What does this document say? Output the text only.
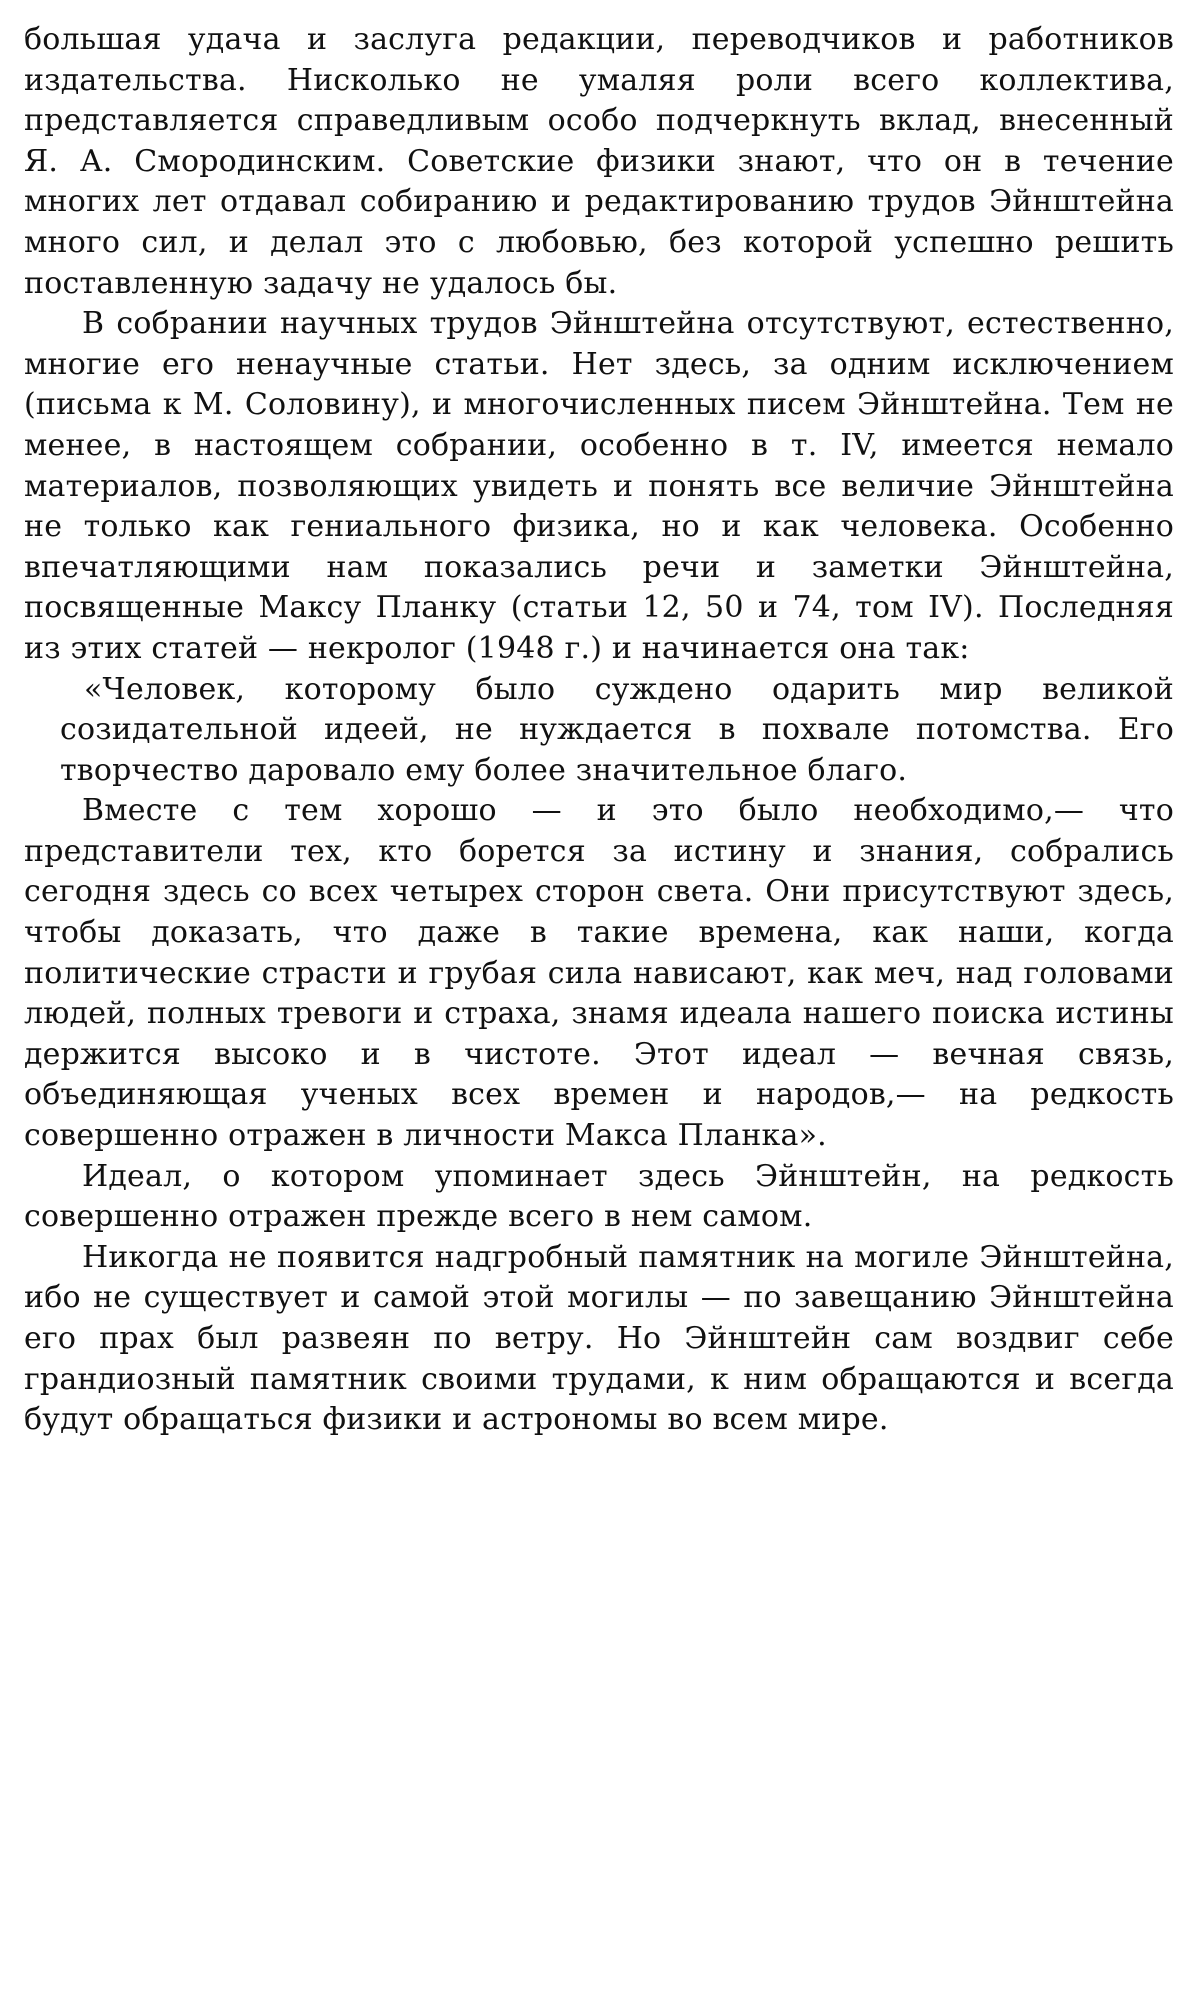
большая удача и заслуга редакции, переводчиков и работников издательства. Нисколько не умаляя роли всего коллектива, представляется справедливым особо подчеркнуть вклад, внесенный Я. А. Смородинским. Советские физики знают, что он в течение многих лет отдавал собиранию и редактированию трудов Эйнштейна много сил, и делал это с любовью, без которой успешно решить поставленную задачу не удалось бы.

В собрании научных трудов Эйнштейна отсутствуют, естественно, многие его ненаучные статьи. Нет здесь, за одним исключением (письма к М. Соловину), и многочисленных писем Эйнштейна. Тем не менее, в настоящем собрании, особенно в т. IV, имеется немало материалов, позволяющих увидеть и понять все величие Эйнштейна не только как гениального физика, но и как человека. Особенно впечатляющими нам показались речи и заметки Эйнштейна, посвященные Максу Планку (статьи 12, 50 и 74, том IV). Последняя из этих статей — некролог (1948 г.) и начинается она так:

«Человек, которому было суждено одарить мир великой созидательной идеей, не нуждается в похвале потомства. Его творчество даровало ему более значительное благо.

Вместе с тем хорошо — и это было необходимо,— что представители тех, кто борется за истину и знания, собрались сегодня здесь со всех четырех сторон света. Они присутствуют здесь, чтобы доказать, что даже в такие времена, как наши, когда политические страсти и грубая сила нависают, как меч, над головами людей, полных тревоги и страха, знамя идеала нашего поиска истины держится высоко и в чистоте. Этот идеал — вечная связь, объединяющая ученых всех времен и народов,— на редкость совершенно отражен в личности Макса Планка».

Идеал, о котором упоминает здесь Эйнштейн, на редкость совершенно отражен прежде всего в нем самом.

Никогда не появится надгробный памятник на могиле Эйнштейна, ибо не существует и самой этой могилы — по завещанию Эйнштейна его прах был развеян по ветру. Но Эйнштейн сам воздвиг себе грандиозный памятник своими трудами, к ним обращаются и всегда будут обращаться физики и астрономы во всем мире.
